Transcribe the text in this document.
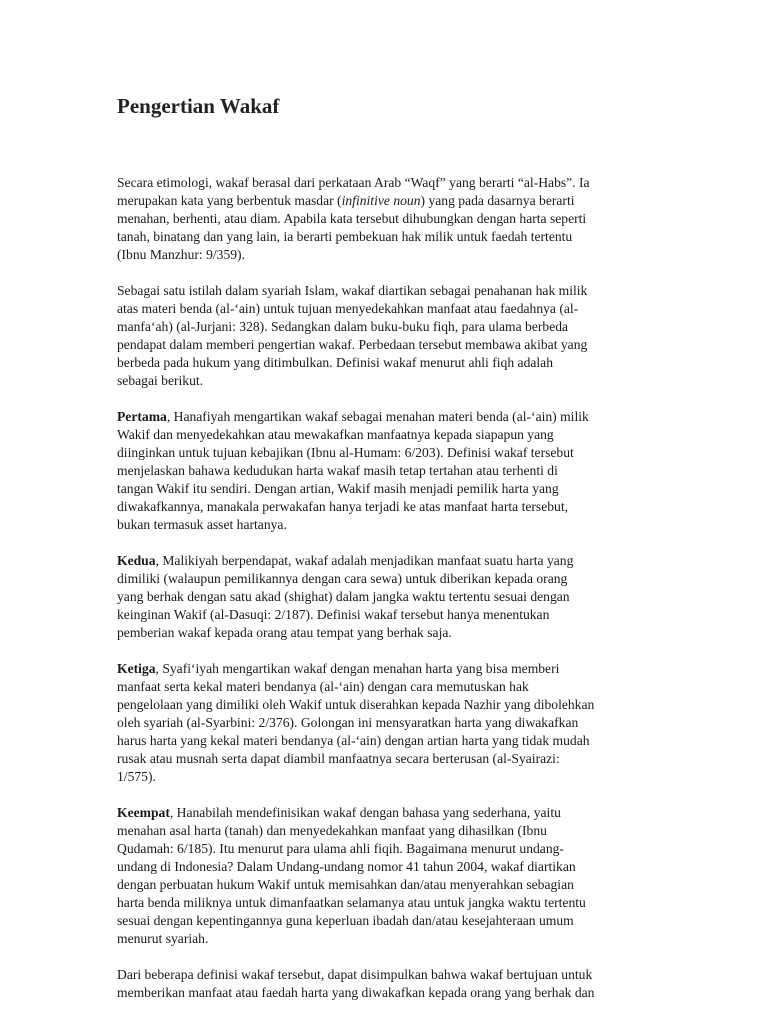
Pengertian Wakaf

Secara etimologi, wakaf berasal dari perkataan Arab “Waqf” yang berarti “al-Habs”. Ia
merupakan kata yang berbentuk masdar (infinitive noun) yang pada dasarnya berarti
menahan, berhenti, atau diam. Apabila kata tersebut dihubungkan dengan harta seperti
tanah, binatang dan yang lain, ia berarti pembekuan hak milik untuk faedah tertentu
(Ibnu Manzhur: 9/359).

Sebagai satu istilah dalam syariah Islam, wakaf diartikan sebagai penahanan hak milik
atas materi benda (al-‘ain) untuk tujuan menyedekahkan manfaat atau faedahnya (al-
manfa‘ah) (al-Jurjani: 328). Sedangkan dalam buku-buku fiqh, para ulama berbeda
pendapat dalam memberi pengertian wakaf. Perbedaan tersebut membawa akibat yang
berbeda pada hukum yang ditimbulkan. Definisi wakaf menurut ahli fiqh adalah
sebagai berikut.

Pertama, Hanafiyah mengartikan wakaf sebagai menahan materi benda (al-‘ain) milik
Wakif dan menyedekahkan atau mewakafkan manfaatnya kepada siapapun yang
diinginkan untuk tujuan kebajikan (Ibnu al-Humam: 6/203). Definisi wakaf tersebut
menjelaskan bahawa kedudukan harta wakaf masih tetap tertahan atau terhenti di
tangan Wakif itu sendiri. Dengan artian, Wakif masih menjadi pemilik harta yang
diwakafkannya, manakala perwakafan hanya terjadi ke atas manfaat harta tersebut,
bukan termasuk asset hartanya.

Kedua, Malikiyah berpendapat, wakaf adalah menjadikan manfaat suatu harta yang
dimiliki (walaupun pemilikannya dengan cara sewa) untuk diberikan kepada orang
yang berhak dengan satu akad (shighat) dalam jangka waktu tertentu sesuai dengan
keinginan Wakif (al-Dasuqi: 2/187). Definisi wakaf tersebut hanya menentukan
pemberian wakaf kepada orang atau tempat yang berhak saja.

Ketiga, Syafi‘iyah mengartikan wakaf dengan menahan harta yang bisa memberi
manfaat serta kekal materi bendanya (al-‘ain) dengan cara memutuskan hak
pengelolaan yang dimiliki oleh Wakif untuk diserahkan kepada Nazhir yang dibolehkan
oleh syariah (al-Syarbini: 2/376). Golongan ini mensyaratkan harta yang diwakafkan
harus harta yang kekal materi bendanya (al-‘ain) dengan artian harta yang tidak mudah
rusak atau musnah serta dapat diambil manfaatnya secara berterusan (al-Syairazi:
1/575).

Keempat, Hanabilah mendefinisikan wakaf dengan bahasa yang sederhana, yaitu
menahan asal harta (tanah) dan menyedekahkan manfaat yang dihasilkan (Ibnu
Qudamah: 6/185). Itu menurut para ulama ahli fiqih. Bagaimana menurut undang-
undang di Indonesia? Dalam Undang-undang nomor 41 tahun 2004, wakaf diartikan
dengan perbuatan hukum Wakif untuk memisahkan dan/atau menyerahkan sebagian
harta benda miliknya untuk dimanfaatkan selamanya atau untuk jangka waktu tertentu
sesuai dengan kepentingannya guna keperluan ibadah dan/atau kesejahteraan umum
menurut syariah.

Dari beberapa definisi wakaf tersebut, dapat disimpulkan bahwa wakaf bertujuan untuk
memberikan manfaat atau faedah harta yang diwakafkan kepada orang yang berhak dan
